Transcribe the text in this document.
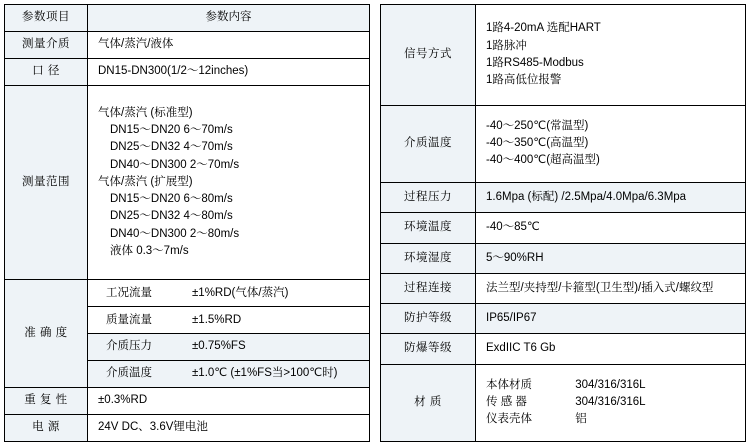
参数项目	参数内容
测量介质	气体/蒸汽/液体
口 径	DN15-DN300(1/2～12inches)
测量范围	
气体/蒸汽 (标准型)
DN15～DN20 6～70m/s
DN25～DN32 4～70m/s
DN40～DN300 2～70m/s
气体/蒸汽 (扩展型)
DN15～DN20 6～80m/s
DN25～DN32 4～80m/s
DN40～DN300 2～80m/s
液体 0.3～7m/s

准 确 度	工况流量 ±1%RD(气体/蒸汽)

	质量流量 ±1.5%RD

	介质压力 ±0.75%FS

	介质温度 ±1.0℃ (±1%FS当>100℃时)

重 复 性	±0.3%RD
电 源	24V DC、3.6V锂电池
信号方式	1路4-20mA 选配HART
1路脉冲
1路RS485-Modbus
1路高低位报警

介质温度	-40～250℃(常温型)
-40～350℃(高温型)
-40～400℃(超高温型)

过程压力	1.6Mpa (标配) /2.5Mpa/4.0Mpa/6.3Mpa
环境温度	-40～85℃
环境湿度	5～90%RH
过程连接	法兰型/夹持型/卡箍型(卫生型)/插入式/螺纹型
防护等级	IP65/IP67
防爆等级	ExdIIC T6 Gb
材 质	本体材质 304/316/316L
传 感 器 304/316/316L
仪表壳体 铝
